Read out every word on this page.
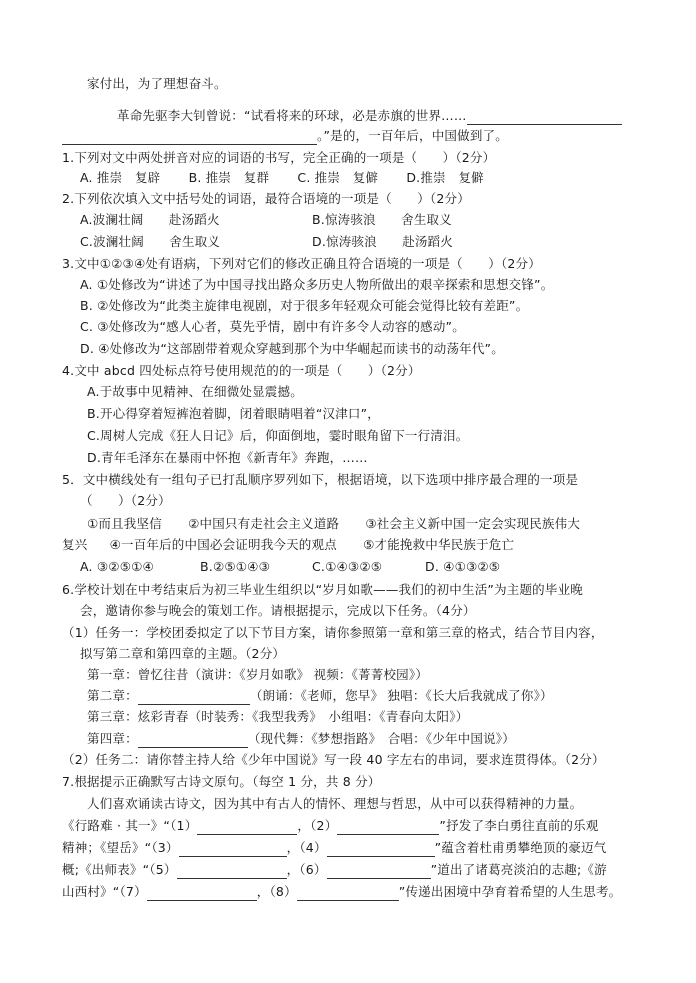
家付出，为了理想奋斗。
革命先驱李大钊曾说：“试看将来的环球，必是赤旗的世界……
。”是的，一百年后，中国做到了。
1.下列对文中两处拼音对应的词语的书写，完全正确的一项是（　　）（2分）
A. 推崇　复辟 B. 推崇　复群 C. 推崇　复僻 D.推崇　复僻
2.下列依次填入文中括号处的词语，最符合语境的一项是（　　）（2分）
A.波澜壮阔　　赴汤蹈火	B.惊涛骇浪　　舍生取义
C.波澜壮阔　　舍生取义	D.惊涛骇浪　　赴汤蹈火
3.文中①②③④处有语病，下列对它们的修改正确且符合语境的一项是（　　）（2分）
A. ①处修改为“讲述了为中国寻找出路众多历史人物所做出的艰辛探索和思想交锋”。
B. ②处修改为“此类主旋律电视剧，对于很多年轻观众可能会觉得比较有差距”。
C. ③处修改为“感人心者，莫先乎情，剧中有许多令人动容的感动”。
D. ④处修改为“这部剧带着观众穿越到那个为中华崛起而读书的动荡年代”。
4.文中 abcd 四处标点符号使用规范的的一项是（　　）（2分）
A.于故事中见精神、在细微处显震撼。
B.开心得穿着短裤泡着脚，闭着眼睛唱着“汉津口”，
C.周树人完成《狂人日记》后，仰面倒地，霎时眼角留下一行清泪。
D.青年毛泽东在暴雨中怀抱《新青年》奔跑，……
5．文中横线处有一组句子已打乱顺序罗列如下，根据语境，以下选项中排序最合理的一项是
（　　）（2分）
①而且我坚信 ②中国只有走社会主义道路 ③社会主义新中国一定会实现民族伟大
复兴 ④一百年后的中国必会证明我今天的观点 ⑤才能挽救中华民族于危亡
A. ③②⑤①④	B.②⑤①④③	C.①④③②⑤	D. ④①③②⑤
6.学校计划在中考结束后为初三毕业生组织以“岁月如歌——我们的初中生活”为主题的毕业晚
会，邀请你参与晚会的策划工作。请根据提示，完成以下任务。（4分）
（1）任务一：学校团委拟定了以下节目方案，请你参照第一章和第三章的格式，结合节目内容，
拟写第二章和第四章的主题。（2分）
第一章：曾忆往昔（演讲：《岁月如歌》 视频：《菁菁校园》）
第二章：	（朗诵：《老师，您早》 独唱：《长大后我就成了你》）
第三章：炫彩青春（时装秀：《我型我秀》　小组唱：《青春向太阳》）
第四章：	（现代舞：《梦想指路》　合唱：《少年中国说》）
（2）任务二：请你替主持人给《少年中国说》写一段 40 字左右的串词，要求连贯得体。（2分）
7.根据提示正确默写古诗文原句。（每空 1 分，共 8 分）
人们喜欢诵读古诗文，因为其中有古人的情怀、理想与哲思，从中可以获得精神的力量。
《行路难 · 其一》“（1）	，（2）	”抒发了李白勇往直前的乐观
精神；《望岳》“（3）	，（4）	”蕴含着杜甫勇攀绝顶的豪迈气
概;《出师表》“（5）	，（6）	”道出了诸葛亮淡泊的志趣;《游
山西村》“（7）	，（8）	”传递出困境中孕育着希望的人生思考。
